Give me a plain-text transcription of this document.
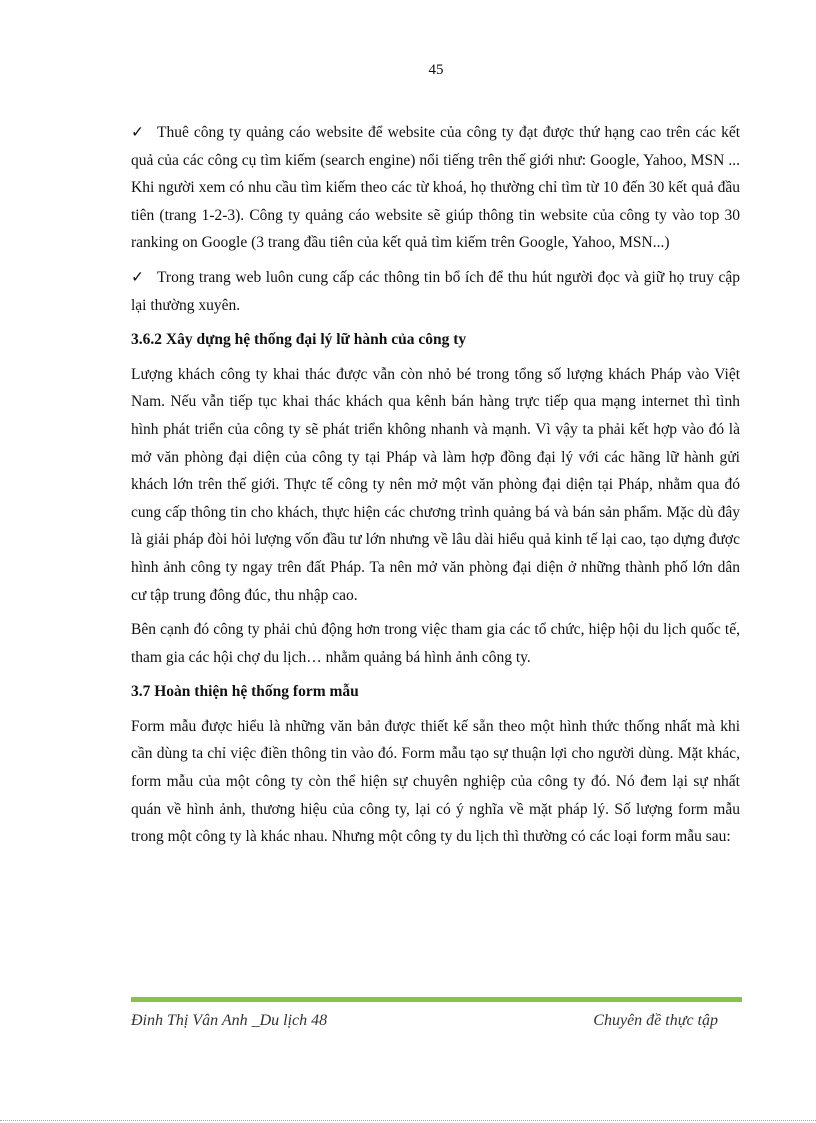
45

✓ Thuê công ty quảng cáo website để website của công ty đạt được thứ hạng cao trên các kết quả của các công cụ tìm kiếm (search engine) nổi tiếng trên thế giới như: Google, Yahoo, MSN ... Khi người xem có nhu cầu tìm kiếm theo các từ khoá, họ thường chỉ tìm từ 10 đến 30 kết quả đầu tiên (trang 1-2-3). Công ty quảng cáo website sẽ giúp thông tin website của công ty vào top 30 ranking on Google (3 trang đầu tiên của kết quả tìm kiếm trên Google, Yahoo, MSN...)

✓ Trong trang web luôn cung cấp các thông tin bổ ích để thu hút người đọc và giữ họ truy cập lại thường xuyên.

3.6.2 Xây dựng hệ thống đại lý lữ hành của công ty

Lượng khách công ty khai thác được vẫn còn nhỏ bé trong tổng số lượng khách Pháp vào Việt Nam. Nếu vẫn tiếp tục khai thác khách qua kênh bán hàng trực tiếp qua mạng internet thì tình hình phát triển của công ty sẽ phát triển không nhanh và mạnh. Vì vậy ta phải kết hợp vào đó là mở văn phòng đại diện của công ty tại Pháp và làm hợp đồng đại lý với các hãng lữ hành gửi khách lớn trên thế giới. Thực tế công ty nên mở một văn phòng đại diện tại Pháp, nhằm qua đó cung cấp thông tin cho khách, thực hiện các chương trình quảng bá và bán sản phẩm. Mặc dù đây là giải pháp đòi hỏi lượng vốn đầu tư lớn nhưng về lâu dài hiểu quả kinh tế lại cao, tạo dựng được hình ảnh công ty ngay trên đất Pháp. Ta nên mở văn phòng đại diện ở những thành phố lớn dân cư tập trung đông đúc, thu nhập cao.

Bên cạnh đó công ty phải chủ động hơn trong việc tham gia các tổ chức, hiệp hội du lịch quốc tế, tham gia các hội chợ du lịch… nhằm quảng bá hình ảnh công ty.

3.7 Hoàn thiện hệ thống form mẫu

Form mẫu được hiểu là những văn bản được thiết kế sẵn theo một hình thức thống nhất mà khi cần dùng ta chỉ việc điền thông tin vào đó. Form mẫu tạo sự thuận lợi cho người dùng. Mặt khác, form mẫu của một công ty còn thể hiện sự chuyên nghiệp của công ty đó. Nó đem lại sự nhất quán về hình ảnh, thương hiệu của công ty, lại có ý nghĩa về mặt pháp lý. Số lượng form mẫu trong một công ty là khác nhau. Nhưng một công ty du lịch thì thường có các loại form mẫu sau:

Đinh Thị Vân Anh _Du lịch 48	Chuyên đề thực tập
